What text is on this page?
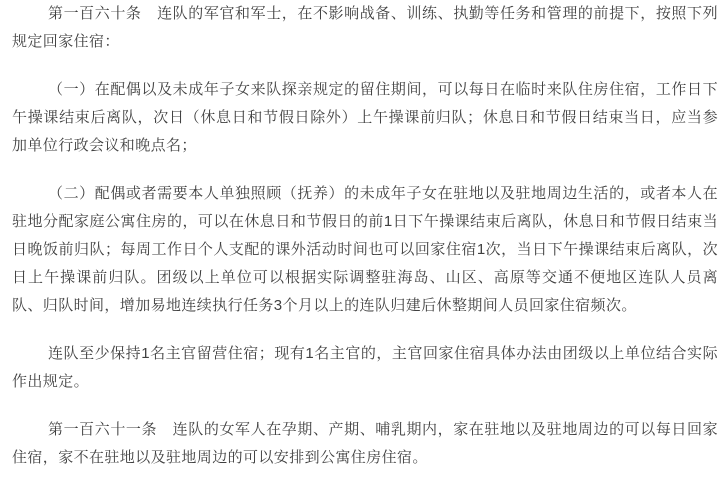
第一百六十条　连队的军官和军士，在不影响战备、训练、执勤等任务和管理的前提下，按照下列规定回家住宿：

（一）在配偶以及未成年子女来队探亲规定的留住期间，可以每日在临时来队住房住宿，工作日下午操课结束后离队，次日（休息日和节假日除外）上午操课前归队；休息日和节假日结束当日，应当参加单位行政会议和晚点名；

（二）配偶或者需要本人单独照顾（抚养）的未成年子女在驻地以及驻地周边生活的，或者本人在驻地分配家庭公寓住房的，可以在休息日和节假日的前1日下午操课结束后离队，休息日和节假日结束当日晚饭前归队；每周工作日个人支配的课外活动时间也可以回家住宿1次，当日下午操课结束后离队，次日上午操课前归队。团级以上单位可以根据实际调整驻海岛、山区、高原等交通不便地区连队人员离队、归队时间，增加易地连续执行任务3个月以上的连队归建后休整期间人员回家住宿频次。

连队至少保持1名主官留营住宿；现有1名主官的，主官回家住宿具体办法由团级以上单位结合实际作出规定。

第一百六十一条　连队的女军人在孕期、产期、哺乳期内，家在驻地以及驻地周边的可以每日回家住宿，家不在驻地以及驻地周边的可以安排到公寓住房住宿。
